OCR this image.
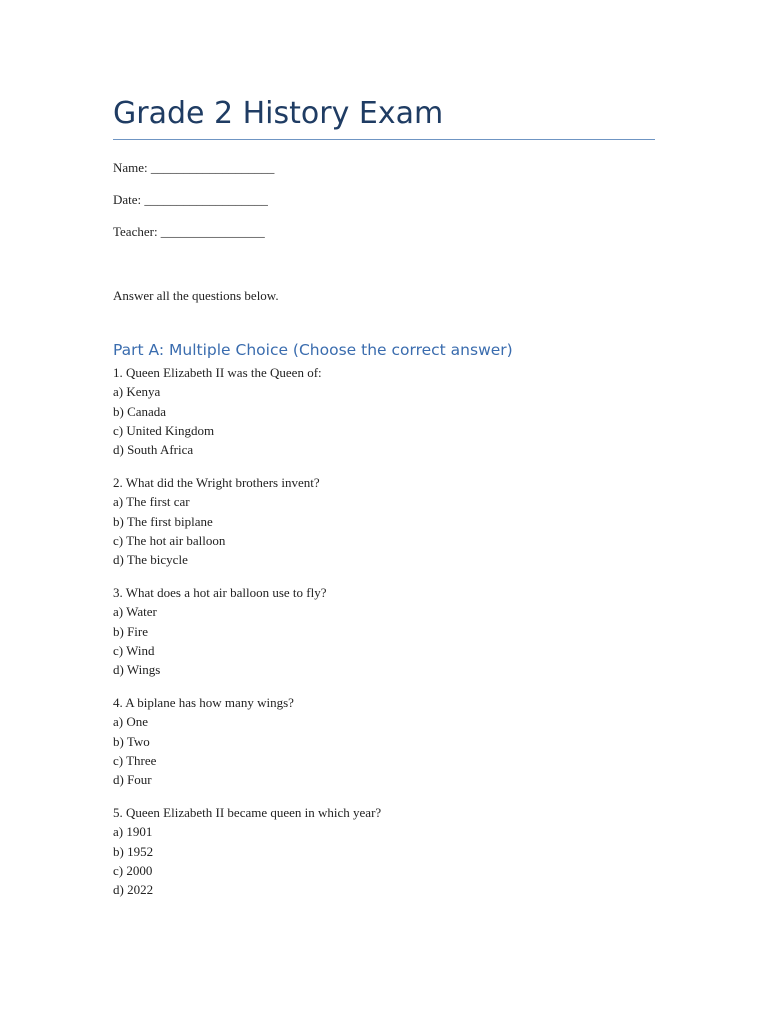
Grade 2 History Exam

Name: ___________________

Date: ___________________

Teacher: ________________

Answer all the questions below.

Part A: Multiple Choice (Choose the correct answer)
1. Queen Elizabeth II was the Queen of:
a) Kenya
b) Canada
c) United Kingdom
d) South Africa
2. What did the Wright brothers invent?
a) The first car
b) The first biplane
c) The hot air balloon
d) The bicycle
3. What does a hot air balloon use to fly?
a) Water
b) Fire
c) Wind
d) Wings
4. A biplane has how many wings?
a) One
b) Two
c) Three
d) Four
5. Queen Elizabeth II became queen in which year?
a) 1901
b) 1952
c) 2000
d) 2022
